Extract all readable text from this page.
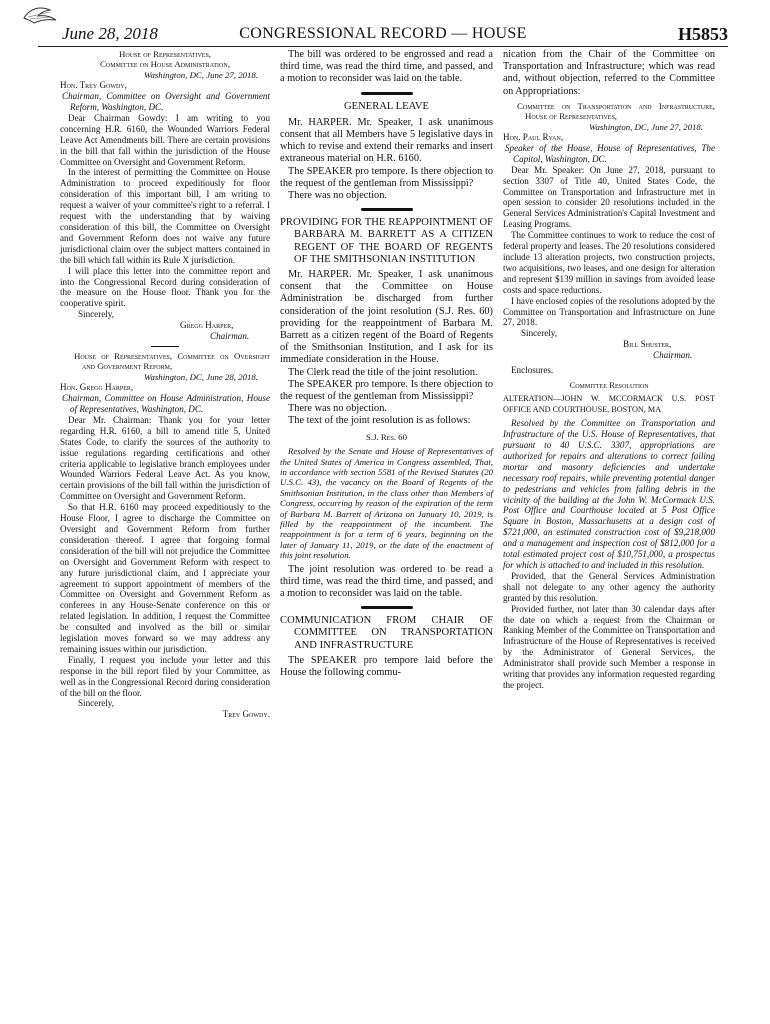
June 28, 2018	CONGRESSIONAL RECORD — HOUSE	H5853

House of Representatives,

Committee on House Administration,

Washington, DC, June 27, 2018.

Hon. Trey Gowdy,

Chairman, Committee on Oversight and Government Reform, Washington, DC.

Dear Chairman Gowdy: I am writing to you concerning H.R. 6160, the Wounded Warriors Federal Leave Act Amendments bill. There are certain provisions in the bill that fall within the jurisdiction of the House Committee on Oversight and Government Reform.

In the interest of permitting the Committee on House Administration to proceed expeditiously for floor consideration of this important bill, I am writing to request a waiver of your committee's right to a referral. I request with the understanding that by waiving consideration of this bill, the Committee on Oversight and Government Reform does not waive any future jurisdictional claim over the subject matters contained in the bill which fall within its Rule X jurisdiction.

I will place this letter into the committee report and into the Congressional Record during consideration of the measure on the House floor. Thank you for the cooperative spirit.

Sincerely,

Gregg Harper,

Chairman.

House of Representatives, Committee on Oversight and Government Reform,

Washington, DC, June 28, 2018.

Hon. Gregg Harper,

Chairman, Committee on House Administration, House of Representatives, Washington, DC.

Dear Mr. Chairman: Thank you for your letter regarding H.R. 6160, a bill to amend title 5, United States Code, to clarify the sources of the authority to issue regulations regarding certifications and other criteria applicable to legislative branch employees under Wounded Warriors Federal Leave Act. As you know, certain provisions of the bill fall within the jurisdiction of Committee on Oversight and Government Reform.

So that H.R. 6160 may proceed expeditiously to the House Floor, I agree to discharge the Committee on Oversight and Government Reform from further consideration thereof. I agree that forgoing formal consideration of the bill will not prejudice the Committee on Oversight and Government Reform with respect to any future jurisdictional claim, and I appreciate your agreement to support appointment of members of the Committee on Oversight and Government Reform as conferees in any House-Senate conference on this or related legislation. In addition, I request the Committee be consulted and involved as the bill or similar legislation moves forward so we may address any remaining issues within our jurisdiction.

Finally, I request you include your letter and this response in the bill report filed by your Committee, as well as in the Congressional Record during consideration of the bill on the floor.

Sincerely,

Trey Gowdy.

The bill was ordered to be engrossed and read a third time, was read the third time, and passed, and a motion to reconsider was laid on the table.

GENERAL LEAVE

Mr. HARPER. Mr. Speaker, I ask unanimous consent that all Members have 5 legislative days in which to revise and extend their remarks and insert extraneous material on H.R. 6160.

The SPEAKER pro tempore. Is there objection to the request of the gentleman from Mississippi?

There was no objection.

PROVIDING FOR THE REAPPOINTMENT OF BARBARA M. BARRETT AS A CITIZEN REGENT OF THE BOARD OF REGENTS OF THE SMITHSONIAN INSTITUTION

Mr. HARPER. Mr. Speaker, I ask unanimous consent that the Committee on House Administration be discharged from further consideration of the joint resolution (S.J. Res. 60) providing for the reappointment of Barbara M. Barrett as a citizen regent of the Board of Regents of the Smithsonian Institution, and I ask for its immediate consideration in the House.

The Clerk read the title of the joint resolution.

The SPEAKER pro tempore. Is there objection to the request of the gentleman from Mississippi?

There was no objection.

The text of the joint resolution is as follows:

S.J. Res. 60

Resolved by the Senate and House of Representatives of the United States of America in Congress assembled, That, in accordance with section 5581 of the Revised Statutes (20 U.S.C. 43), the vacancy on the Board of Regents of the Smithsonian Institution, in the class other than Members of Congress, occurring by reason of the expiration of the term of Barbara M. Barrett of Arizona on January 10, 2019, is filled by the reappointment of the incumbent. The reappointment is for a term of 6 years, beginning on the later of January 11, 2019, or the date of the enactment of this joint resolution.

The joint resolution was ordered to be read a third time, was read the third time, and passed, and a motion to reconsider was laid on the table.

COMMUNICATION FROM CHAIR OF COMMITTEE ON TRANSPORTATION AND INFRASTRUCTURE

The SPEAKER pro tempore laid before the House the following commu-

nication from the Chair of the Committee on Transportation and Infrastructure; which was read and, without objection, referred to the Committee on Appropriations:

Committee on Transportation and Infrastructure, House of Representatives,

Washington, DC, June 27, 2018.

Hon. Paul Ryan,

Speaker of the House, House of Representatives, The Capitol, Washington, DC.

Dear Mr. Speaker: On June 27, 2018, pursuant to section 3307 of Title 40, United States Code, the Committee on Transportation and Infrastructure met in open session to consider 20 resolutions included in the General Services Administration's Capital Investment and Leasing Programs.

The Committee continues to work to reduce the cost of federal property and leases. The 20 resolutions considered include 13 alteration projects, two construction projects, two acquisitions, two leases, and one design for alteration and represent $139 million in savings from avoided lease costs and space reductions.

I have enclosed copies of the resolutions adopted by the Committee on Transportation and Infrastructure on June 27, 2018.

Sincerely,

Bill Shuster,

Chairman.

Enclosures.

Committee Resolution

ALTERATION—JOHN W. MCCORMACK U.S. POST OFFICE AND COURTHOUSE, BOSTON, MA

Resolved by the Committee on Transportation and Infrastructure of the U.S. House of Representatives, that pursuant to 40 U.S.C. 3307, appropriations are authorized for repairs and alterations to correct failing mortar and masonry deficiencies and undertake necessary roof repairs, while preventing potential danger to pedestrians and vehicles from falling debris in the vicinity of the building at the John W. McCormack U.S. Post Office and Courthouse located at 5 Post Office Square in Boston, Massachusetts at a design cost of $721,000, an estimated construction cost of $9,218,000 and a management and inspection cost of $812,000 for a total estimated project cost of $10,751,000, a prospectus for which is attached to and included in this resolution.

Provided, that the General Services Administration shall not delegate to any other agency the authority granted by this resolution.

Provided further, not later than 30 calendar days after the date on which a request from the Chairman or Ranking Member of the Committee on Transportation and Infrastructure of the House of Representatives is received by the Administrator of General Services, the Administrator shall provide such Member a response in writing that provides any information requested regarding the project.
